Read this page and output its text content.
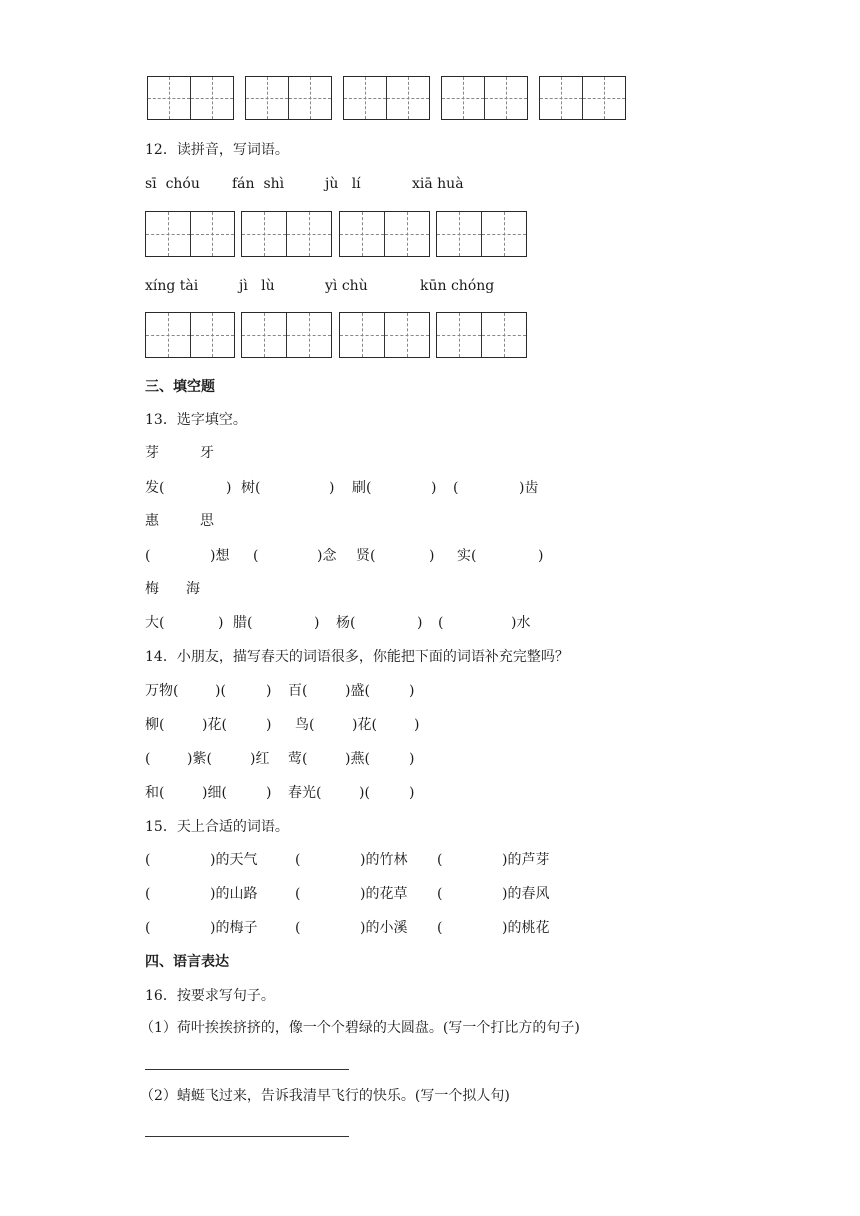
12．读拼音，写词语。
sī  chóu fán  shì	jù   lí	xiā huà
xíng tài	jì   lù	yì chù	kūn chóng
三、填空题
13．选字填空。
芽	牙
发(	) 树(	) 刷(	) (	)齿
惠	思
(	)想 (	)念 贤(	) 实(	)
梅 海
大(	) 腊(	) 杨(	) (	)水
14．小朋友，描写春天的词语很多，你能把下面的词语补充完整吗？
万物(	)(	) 百(	)盛(	)
柳(	)花(	) 鸟(	)花(	)
(	)紫(	)红 莺(	)燕(	)
和(	)细(	) 春光(	)(	)
15．天上合适的词语。
(	)的天气	(	)的竹林 (	)的芦芽
(	)的山路	(	)的花草 (	)的春风
(	)的梅子	(	)的小溪 (	)的桃花
四、语言表达
16．按要求写句子。
（1）荷叶挨挨挤挤的，像一个个碧绿的大圆盘。(写一个打比方的句子)
（2）蜻蜓飞过来，告诉我清早飞行的快乐。(写一个拟人句)
